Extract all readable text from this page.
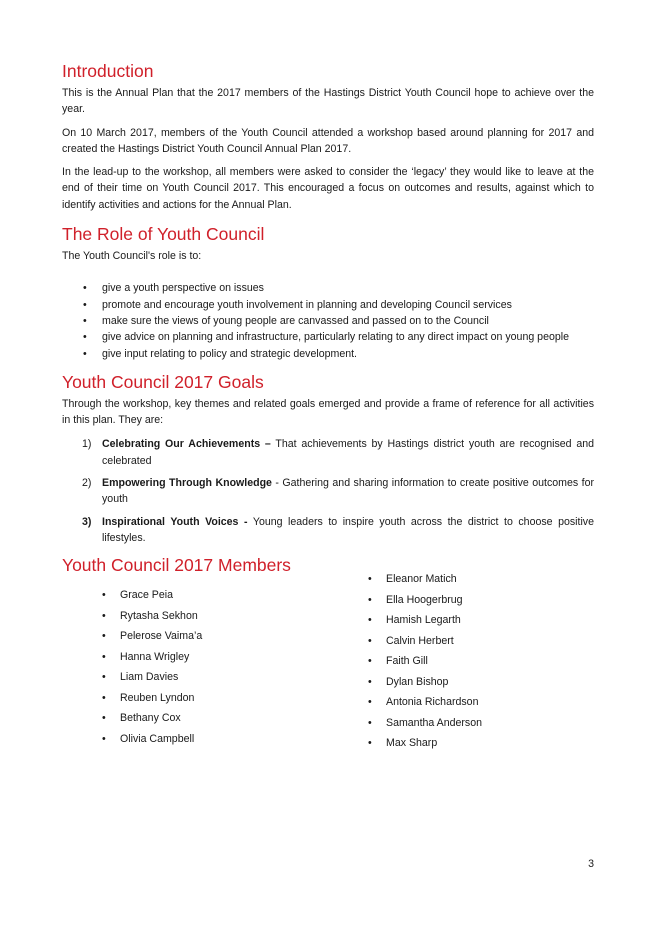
Introduction

This is the Annual Plan that the 2017 members of the Hastings District Youth Council hope to achieve over the year.

On 10 March 2017, members of the Youth Council attended a workshop based around planning for 2017 and created the Hastings District Youth Council Annual Plan 2017.

In the lead-up to the workshop, all members were asked to consider the ‘legacy’ they would like to leave at the end of their time on Youth Council 2017. This encouraged a focus on outcomes and results, against which to identify activities and actions for the Annual Plan.

The Role of Youth Council

The Youth Council's role is to:

• give a youth perspective on issues
• promote and encourage youth involvement in planning and developing Council services
• make sure the views of young people are canvassed and passed on to the Council
• give advice on planning and infrastructure, particularly relating to any direct impact on young people
• give input relating to policy and strategic development.
Youth Council 2017 Goals

Through the workshop, key themes and related goals emerged and provide a frame of reference for all activities in this plan. They are:

1) Celebrating Our Achievements – That achievements by Hastings district youth are recognised and celebrated
2) Empowering Through Knowledge - Gathering and sharing information to create positive outcomes for youth
3) Inspirational Youth Voices - Young leaders to inspire youth across the district to choose positive lifestyles.
Youth Council 2017 Members
• Grace Peia
• Rytasha Sekhon
• Pelerose Vaima’a
• Hanna Wrigley
• Liam Davies
• Reuben Lyndon
• Bethany Cox
• Olivia Campbell
• Eleanor Matich
• Ella Hoogerbrug
• Hamish Legarth
• Calvin Herbert
• Faith Gill
• Dylan Bishop
• Antonia Richardson
• Samantha Anderson
• Max Sharp
3
